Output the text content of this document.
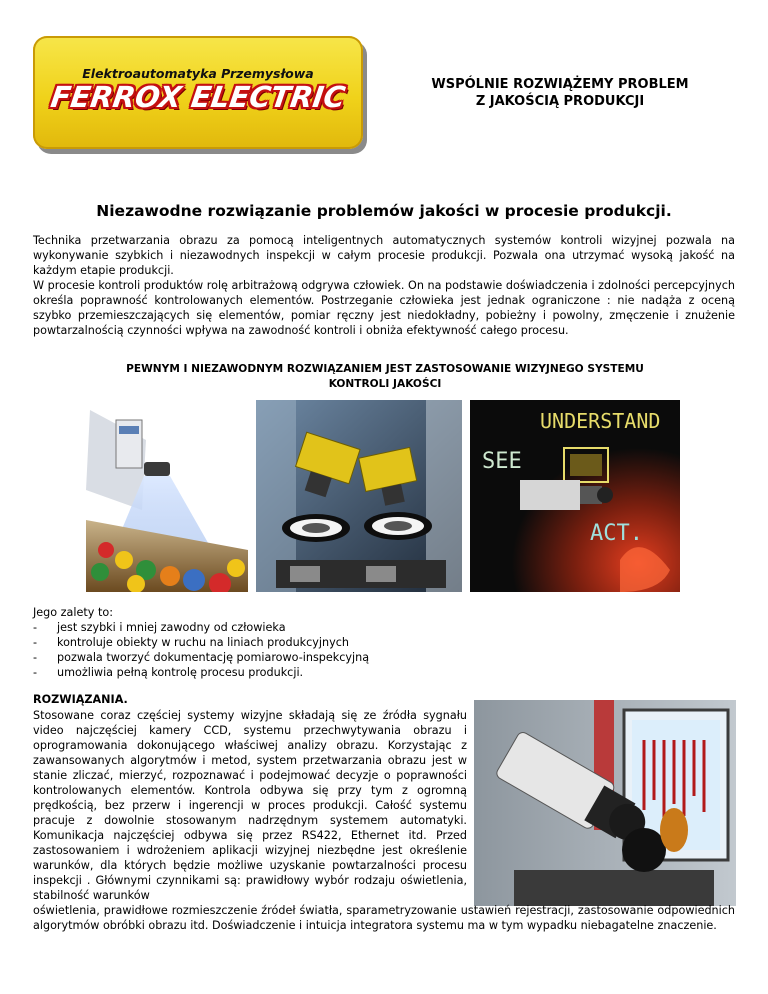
Elektroautomatyka Przemysłowa
FERROX ELECTRIC	WSPÓLNIE ROZWIĄŻEMY PROBLEM
Z JAKOŚCIĄ PRODUKCJI
Niezawodne rozwiązanie problemów jakości w procesie produkcji.

Technika przetwarzania obrazu za pomocą inteligentnych automatycznych systemów kontroli wizyjnej pozwala na wykonywanie szybkich i niezawodnych inspekcji w całym procesie produkcji. Pozwala ona utrzymać wysoką jakość na każdym etapie produkcji.

W procesie kontroli produktów rolę arbitrażową odgrywa człowiek. On na podstawie doświadczenia i zdolności percepcyjnych określa poprawność kontrolowanych elementów. Postrzeganie człowieka jest jednak ograniczone : nie nadąża z oceną szybko przemieszczających się elementów, pomiar ręczny jest niedokładny, pobieżny i powolny, zmęczenie i znużenie powtarzalnością czynności wpływa na zawodność kontroli i obniża efektywność całego procesu.

PEWNYM I NIEZAWODNYM ROZWIĄZANIEM JEST ZASTOSOWANIE WIZYJNEGO SYSTEMU
KONTROLI JAKOŚCI
UNDERSTAND
SEE
ACT.
Jego zalety to:
- jest szybki i mniej zawodny od człowieka
- kontroluje obiekty w ruchu na liniach produkcyjnych
- pozwala tworzyć dokumentację pomiarowo-inspekcyjną
- umożliwia pełną kontrolę procesu produkcji.
ROZWIĄZANIA.

Stosowane coraz częściej systemy wizyjne składają się ze źródła sygnału video najczęściej kamery CCD, systemu przechwytywania obrazu i oprogramowania dokonującego właściwej analizy obrazu. Korzystając z zawansowanych algorytmów i metod, system przetwarzania obrazu jest w stanie zliczać, mierzyć, rozpoznawać i podejmować decyzje o poprawności kontrolowanych elementów. Kontrola odbywa się przy tym z ogromną prędkością, bez przerw i ingerencji w proces produkcji. Całość systemu pracuje z dowolnie stosowanym nadrzędnym systemem automatyki. Komunikacja najczęściej odbywa się przez RS422, Ethernet itd. Przed zastosowaniem i wdrożeniem aplikacji wizyjnej niezbędne jest określenie warunków, dla których będzie możliwe uzyskanie powtarzalności procesu inspekcji . Głównymi czynnikami są: prawidłowy wybór rodzaju oświetlenia, stabilność warunków

oświetlenia, prawidłowe rozmieszczenie źródeł światła, sparametryzowanie ustawień rejestracji, zastosowanie odpowiednich algorytmów obróbki obrazu itd. Doświadczenie i intuicja integratora systemu ma w tym wypadku niebagatelne znaczenie.
